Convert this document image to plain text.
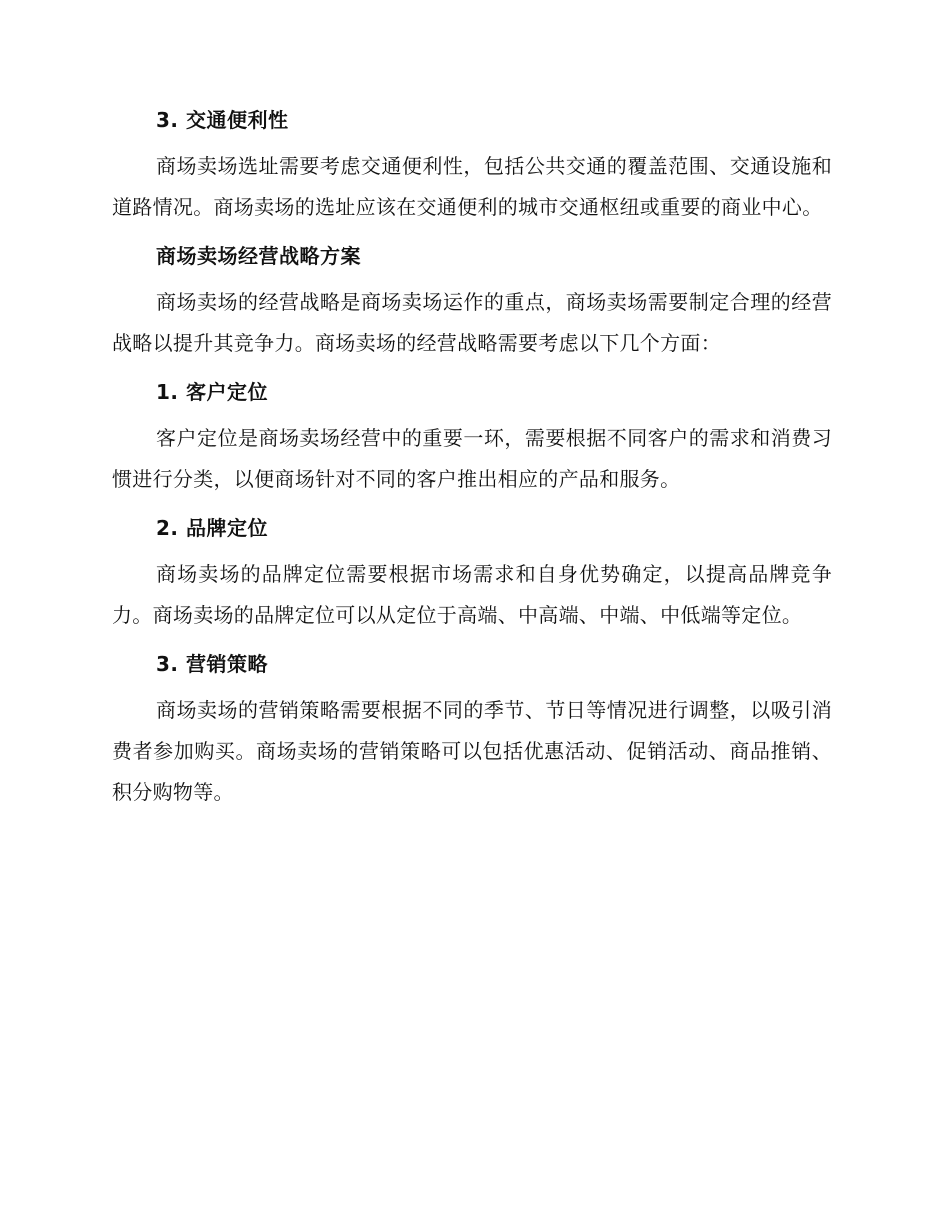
3. 交通便利性

商场卖场选址需要考虑交通便利性，包括公共交通的覆盖范围、交通设施和道路情况。商场卖场的选址应该在交通便利的城市交通枢纽或重要的商业中心。

商场卖场经营战略方案

商场卖场的经营战略是商场卖场运作的重点，商场卖场需要制定合理的经营战略以提升其竞争力。商场卖场的经营战略需要考虑以下几个方面：

1. 客户定位

客户定位是商场卖场经营中的重要一环，需要根据不同客户的需求和消费习惯进行分类，以便商场针对不同的客户推出相应的产品和服务。

2. 品牌定位

商场卖场的品牌定位需要根据市场需求和自身优势确定，以提高品牌竞争力。商场卖场的品牌定位可以从定位于高端、中高端、中端、中低端等定位。

3. 营销策略

商场卖场的营销策略需要根据不同的季节、节日等情况进行调整，以吸引消费者参加购买。商场卖场的营销策略可以包括优惠活动、促销活动、商品推销、积分购物等。
